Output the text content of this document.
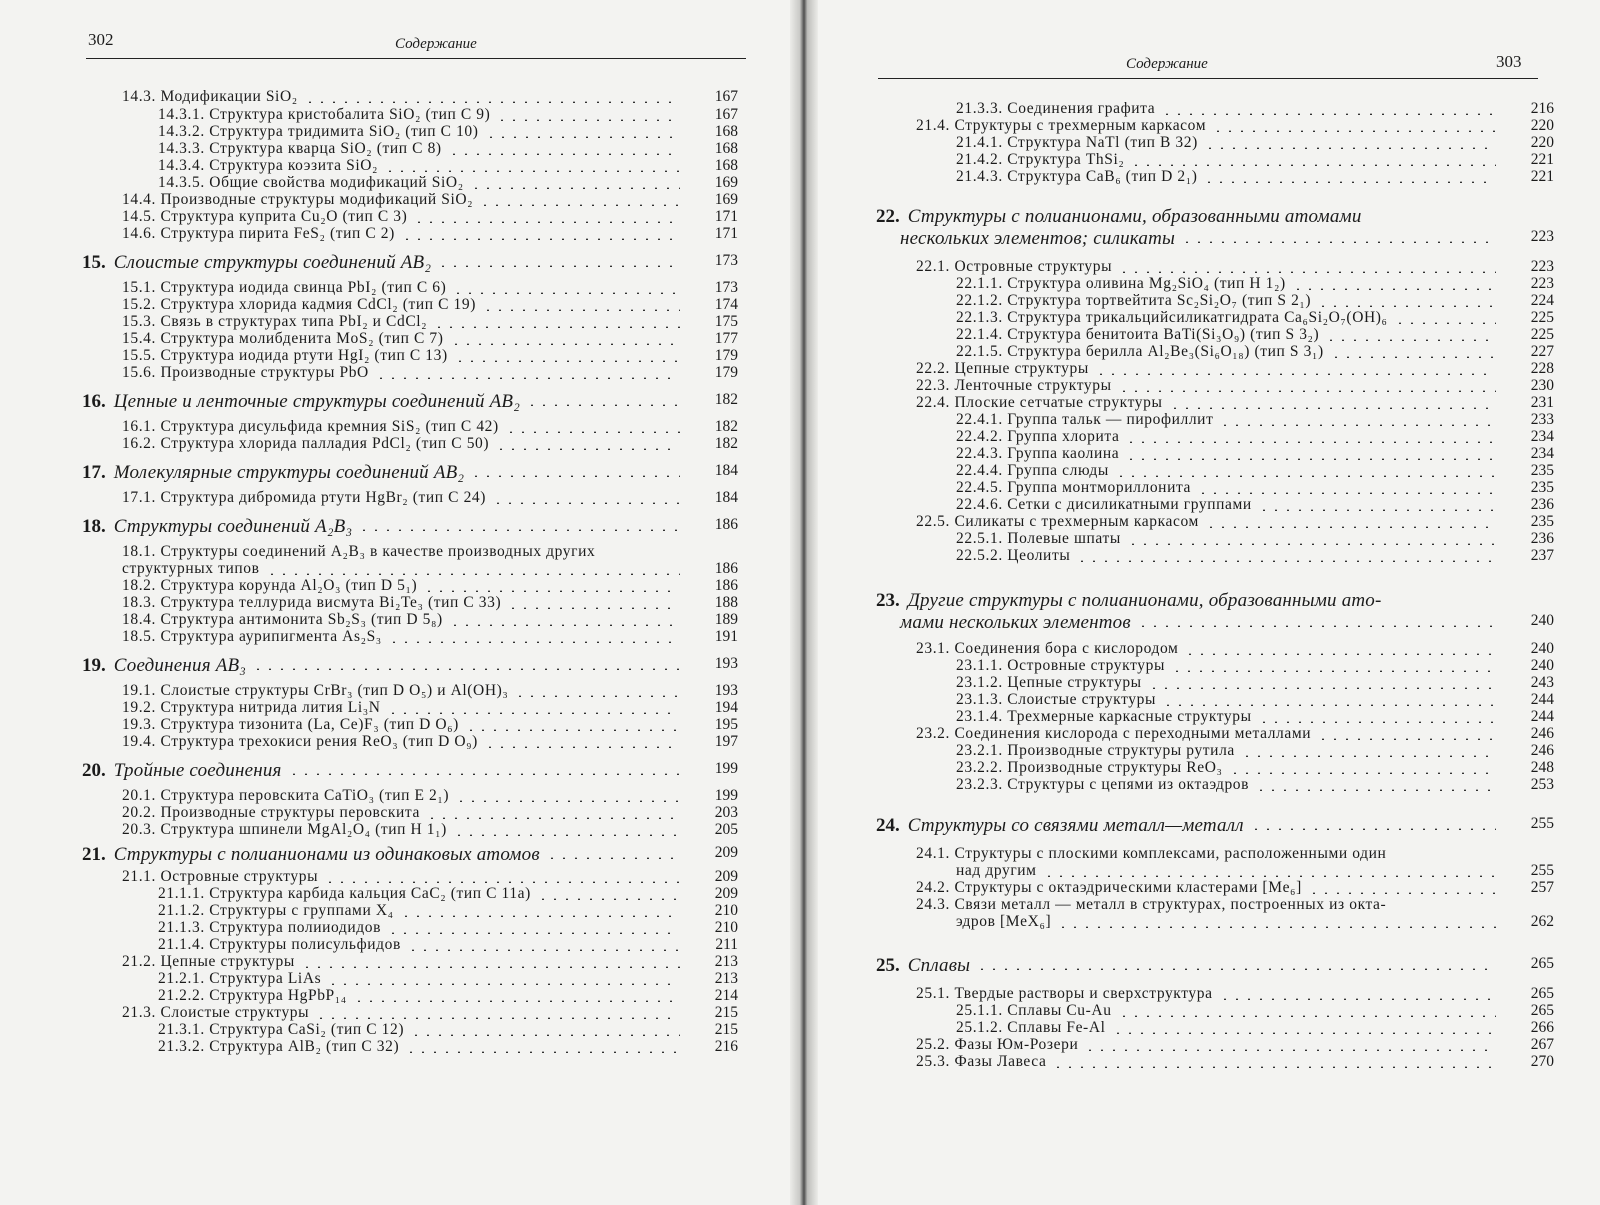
302	Содержание
14.3. Модификации SiO₂	167
14.3.1. Структура кристобалита SiO₂ (тип C 9)	167
14.3.2. Структура тридимита SiO₂ (тип C 10)	168
14.3.3. Структура кварца SiO₂ (тип C 8)	168
14.3.4. Структура коэзита SiO₂	168
14.3.5. Общие свойства модификаций SiO₂	169
14.4. Производные структуры модификаций SiO₂	169
14.5. Структура куприта Cu₂O (тип C 3)	171
14.6. Структура пирита FeS₂ (тип C 2)	171
15. Слоистые структуры соединений AB₂	173
15.1. Структура иодида свинца PbI₂ (тип C 6)	173
15.2. Структура хлорида кадмия CdCl₂ (тип C 19)	174
15.3. Связь в структурах типа PbI₂ и CdCl₂	175
15.4. Структура молибденита MoS₂ (тип C 7)	177
15.5. Структура иодида ртути HgI₂ (тип C 13)	179
15.6. Производные структуры PbO	179
16. Цепные и ленточные структуры соединений AB₂	182
16.1. Структура дисульфида кремния SiS₂ (тип C 42)	182
16.2. Структура хлорида палладия PdCl₂ (тип C 50)	182
17. Молекулярные структуры соединений AB₂	184
17.1. Структура дибромида ртути HgBr₂ (тип C 24)	184
18. Структуры соединений A₂B₃	186
18.1. Структуры соединений A₂B₃ в качестве производных других
структурных типов	186
18.2. Структура корунда Al₂O₃ (тип D 5₁)	186
18.3. Структура теллурида висмута Bi₂Te₃ (тип C 33)	188
18.4. Структура антимонита Sb₂S₃ (тип D 5₈)	189
18.5. Структура аурипигмента As₂S₃	191
19. Соединения AB₃	193
19.1. Слоистые структуры CrBr₃ (тип D O₅) и Al(OH)₃	193
19.2. Структура нитрида лития Li₃N	194
19.3. Структура тизонита (La, Ce)F₃ (тип D O₆)	195
19.4. Структура трехокиси рения ReO₃ (тип D O₉)	197
20. Тройные соединения	199
20.1. Структура перовскита CaTiO₃ (тип E 2₁)	199
20.2. Производные структуры перовскита	203
20.3. Структура шпинели MgAl₂O₄ (тип H 1₁)	205
21. Структуры с полианионами из одинаковых атомов	209
21.1. Островные структуры	209
21.1.1. Структура карбида кальция CaC₂ (тип C 11a)	209
21.1.2. Структуры с группами X₄	210
21.1.3. Структура полииодидов	210
21.1.4. Структуры полисульфидов	211
21.2. Цепные структуры	213
21.2.1. Структура LiAs	213
21.2.2. Структура HgPbP₁₄	214
21.3. Слоистые структуры	215
21.3.1. Структура CaSi₂ (тип C 12)	215
21.3.2. Структура AlB₂ (тип C 32)	216
Содержание	303
21.3.3. Соединения графита	216
21.4. Структуры с трехмерным каркасом	220
21.4.1. Структура NaTl (тип B 32)	220
21.4.2. Структура ThSi₂	221
21.4.3. Структура CaB₆ (тип D 2₁)	221
22. Структуры с полианионами, образованными атомами
нескольких элементов; силикаты	223
22.1. Островные структуры	223
22.1.1. Структура оливина Mg₂SiO₄ (тип H 1₂)	223
22.1.2. Структура тортвейтита Sc₂Si₂O₇ (тип S 2₁)	224
22.1.3. Структура трикальцийсиликатгидрата Ca₆Si₂O₇(OH)₆	225
22.1.4. Структура бенитоита BaTi(Si₃O₉) (тип S 3₂)	225
22.1.5. Структура берилла Al₂Be₃(Si₆O₁₈) (тип S 3₁)	227
22.2. Цепные структуры	228
22.3. Ленточные структуры	230
22.4. Плоские сетчатые структуры	231
22.4.1. Группа тальк — пирофиллит	233
22.4.2. Группа хлорита	234
22.4.3. Группа каолина	234
22.4.4. Группа слюды	235
22.4.5. Группа монтмориллонита	235
22.4.6. Сетки с дисиликатными группами	236
22.5. Силикаты с трехмерным каркасом	235
22.5.1. Полевые шпаты	236
22.5.2. Цеолиты	237
23. Другие структуры с полианионами, образованными ато-
мами нескольких элементов	240
23.1. Соединения бора с кислородом	240
23.1.1. Островные структуры	240
23.1.2. Цепные структуры	243
23.1.3. Слоистые структуры	244
23.1.4. Трехмерные каркасные структуры	244
23.2. Соединения кислорода с переходными металлами	246
23.2.1. Производные структуры рутила	246
23.2.2. Производные структуры ReO₃	248
23.2.3. Структуры с цепями из октаэдров	253
24. Структуры со связями металл—металл	255
24.1. Структуры с плоскими комплексами, расположенными один
над другим	255
24.2. Структуры с октаэдрическими кластерами [Me₆]	257
24.3. Связи металл — металл в структурах, построенных из окта-
эдров [MeX₆]	262
25. Сплавы	265
25.1. Твердые растворы и сверхструктура	265
25.1.1. Сплавы Cu-Au	265
25.1.2. Сплавы Fe-Al	266
25.2. Фазы Юм-Розери	267
25.3. Фазы Лавеса	270
